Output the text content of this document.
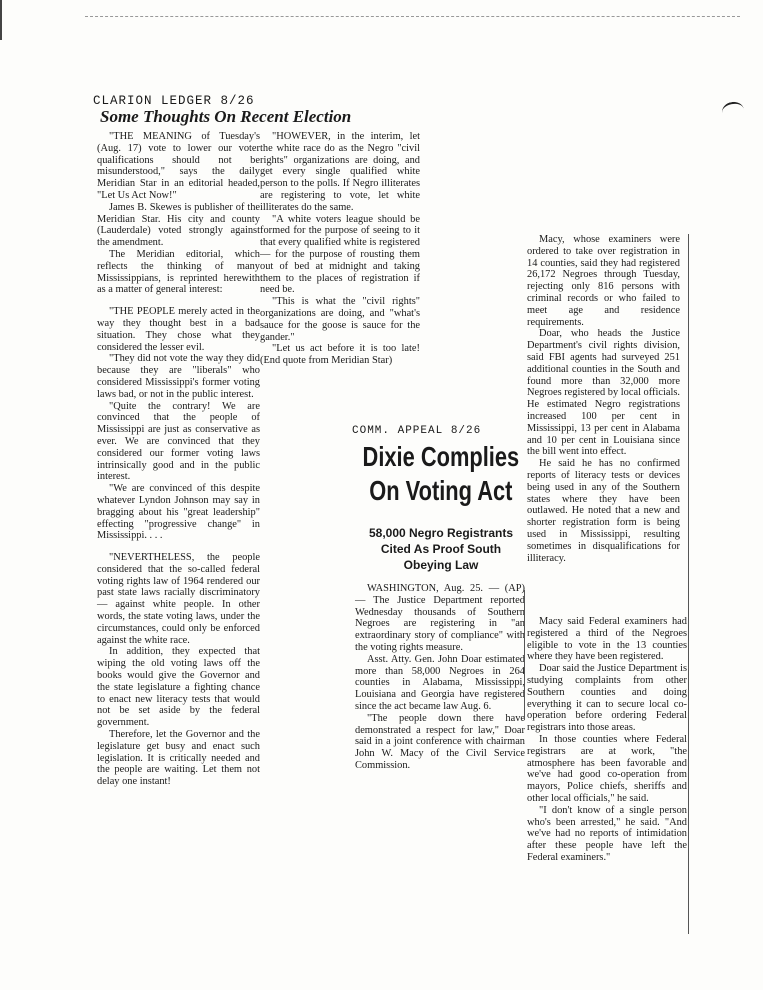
CLARION LEDGER 8/26
Some Thoughts On Recent Election

"THE MEANING of Tuesday's (Aug. 17) vote to lower our voter qualifications should not be misunderstood," says the daily Meridian Star in an editorial headed, "Let Us Act Now!"

James B. Skewes is publisher of the Meridian Star. His city and county (Lauderdale) voted strongly against the amendment.

The Meridian editorial, which reflects the thinking of many Mississippians, is reprinted herewith as a matter of general interest:

"THE PEOPLE merely acted in the way they thought best in a bad situation. They chose what they considered the lesser evil.

"They did not vote the way they did because they are "liberals" who considered Mississippi's former voting laws bad, or not in the public interest.

"Quite the contrary! We are convinced that the people of Mississippi are just as conservative as ever. We are convinced that they considered our former voting laws intrinsically good and in the public interest.

"We are convinced of this despite whatever Lyndon Johnson may say in bragging about his "great leadership" effecting "progressive change" in Mississippi. . . .

"NEVERTHELESS, the people considered that the so-called federal voting rights law of 1964 rendered our past state laws racially discriminatory — against white people. In other words, the state voting laws, under the circumstances, could only be enforced against the white race.

In addition, they expected that wiping the old voting laws off the books would give the Governor and the state legislature a fighting chance to enact new literacy tests that would not be set aside by the federal government.

Therefore, let the Governor and the legislature get busy and enact such legislation. It is critically needed and the people are waiting. Let them not delay one instant!

"HOWEVER, in the interim, let the white race do as the Negro "civil rights" organizations are doing, and get every single qualified white person to the polls. If Negro illiterates are registering to vote, let white illiterates do the same.

"A white voters league should be formed for the purpose of seeing to it that every qualified white is registered — for the purpose of rousting them out of bed at midnight and taking them to the places of registration if need be.

"This is what the "civil rights" organizations are doing, and "what's sauce for the goose is sauce for the gander."

"Let us act before it is too late! (End quote from Meridian Star)

COMM. APPEAL 8/26
Dixie Complies
On Voting Act
58,000 Negro Registrants Cited As Proof South Obeying Law

WASHINGTON, Aug. 25. — (AP) — The Justice Department reported Wednesday thousands of Southern Negroes are registering in "an extraordinary story of compliance" with the voting rights measure.

Asst. Atty. Gen. John Doar estimated more than 58,000 Negroes in 264 counties in Alabama, Mississippi, Louisiana and Georgia have registered since the act became law Aug. 6.

"The people down there have demonstrated a respect for law," Doar said in a joint conference with chairman John W. Macy of the Civil Service Commission.

Macy, whose examiners were ordered to take over registration in 14 counties, said they had registered 26,172 Negroes through Tuesday, rejecting only 816 persons with criminal records or who failed to meet age and residence requirements.

Doar, who heads the Justice Department's civil rights division, said FBI agents had surveyed 251 additional counties in the South and found more than 32,000 more Negroes registered by local officials. He estimated Negro registrations increased 100 per cent in Mississippi, 13 per cent in Alabama and 10 per cent in Louisiana since the bill went into effect.

He said he has no confirmed reports of literacy tests or devices being used in any of the Southern states where they have been outlawed. He noted that a new and shorter registration form is being used in Mississippi, resulting sometimes in disqualifications for illiteracy.

Macy said Federal examiners had registered a third of the Negroes eligible to vote in the 13 counties where they have been registered.

Doar said the Justice Department is studying complaints from other Southern counties and doing everything it can to secure local co-operation before ordering Federal registrars into those areas.

In those counties where Federal registrars are at work, "the atmosphere has been favorable and we've had good co-operation from mayors, Police chiefs, sheriffs and other local officials," he said.

"I don't know of a single person who's been arrested," he said. "And we've had no reports of intimidation after these people have left the Federal examiners."
